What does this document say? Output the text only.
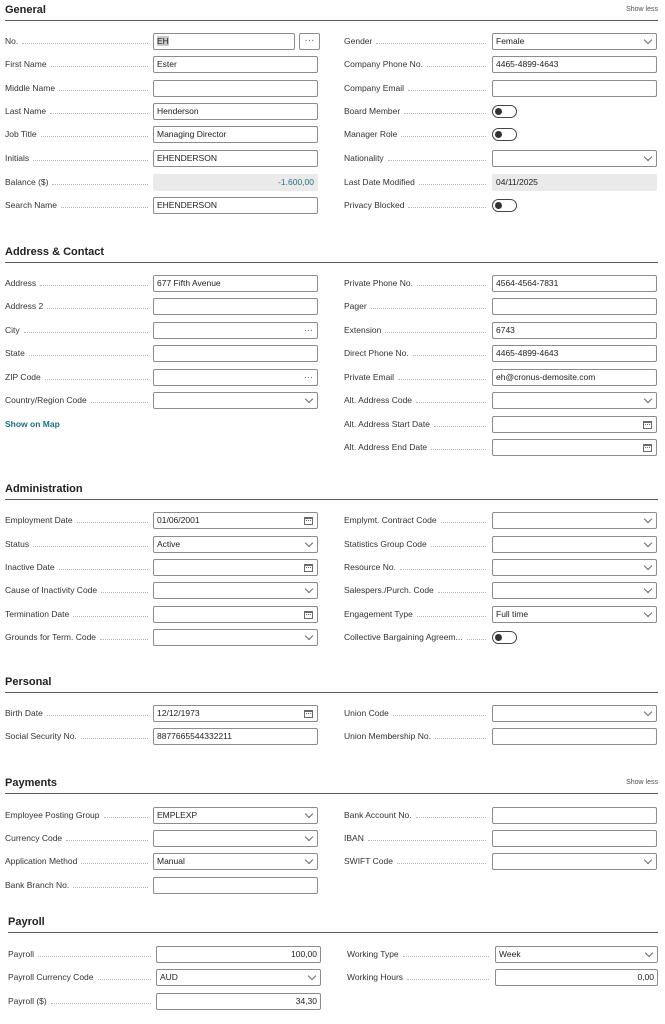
General	Show less
No.	EH	···
First Name	Ester
Middle Name
Last Name	Henderson
Job Title	Managing Director
Initials	EHENDERSON
Balance ($)	-1.600,00
Search Name	EHENDERSON
Gender	Female
Company Phone No.	4465-4899-4643
Company Email
Board Member
Manager Role
Nationality
Last Date Modified	04/11/2025
Privacy Blocked
Address & Contact
Address	677 Fifth Avenue
Address 2
City	···
State
ZIP Code	···
Country/Region Code
Show on Map
Private Phone No.	4564-4564-7831
Pager
Extension	6743
Direct Phone No.	4465-4899-4643
Private Email	eh@cronus-demosite.com
Alt. Address Code
Alt. Address Start Date
Alt. Address End Date
Administration
Employment Date	01/06/2001
Status	Active
Inactive Date
Cause of Inactivity Code
Termination Date
Grounds for Term. Code
Emplymt. Contract Code
Statistics Group Code
Resource No.
Salespers./Purch. Code
Engagement Type	Full time
Collective Bargaining Agreem...
Personal
Birth Date	12/12/1973
Social Security No.	8877665544332211
Union Code
Union Membership No.
Payments	Show less
Employee Posting Group	EMPLEXP
Currency Code
Application Method	Manual
Bank Branch No.
Bank Account No.
IBAN
SWIFT Code
Payroll
Payroll	100,00
Payroll Currency Code	AUD
Payroll ($)	34,30
Working Type	Week
Working Hours	0,00
